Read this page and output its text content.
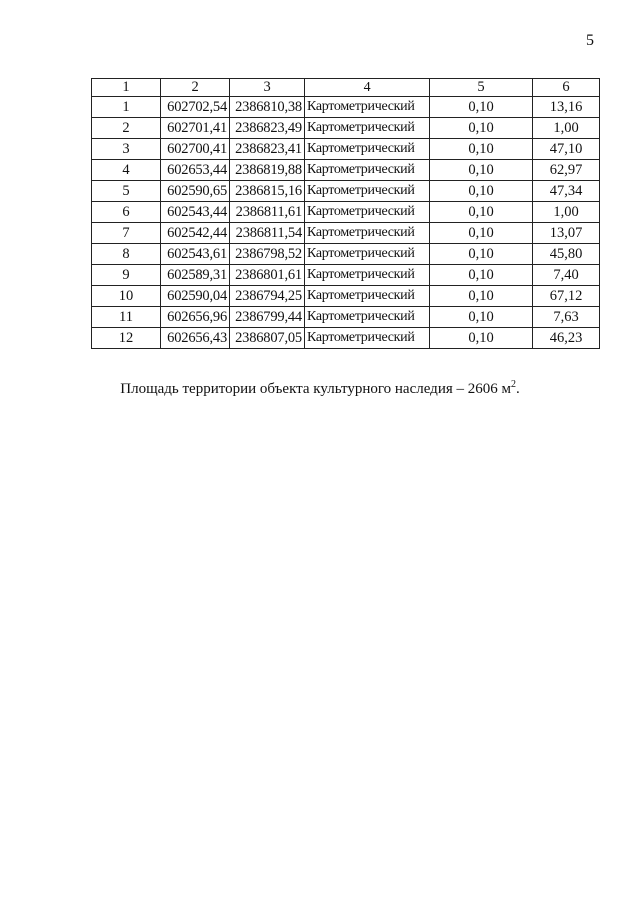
5
1	2	3	4	5	6
1	602702,54	2386810,38	Картометрический	0,10	13,16
2	602701,41	2386823,49	Картометрический	0,10	1,00
3	602700,41	2386823,41	Картометрический	0,10	47,10
4	602653,44	2386819,88	Картометрический	0,10	62,97
5	602590,65	2386815,16	Картометрический	0,10	47,34
6	602543,44	2386811,61	Картометрический	0,10	1,00
7	602542,44	2386811,54	Картометрический	0,10	13,07
8	602543,61	2386798,52	Картометрический	0,10	45,80
9	602589,31	2386801,61	Картометрический	0,10	7,40
10	602590,04	2386794,25	Картометрический	0,10	67,12
11	602656,96	2386799,44	Картометрический	0,10	7,63
12	602656,43	2386807,05	Картометрический	0,10	46,23
Площадь территории объекта культурного наследия – 2606 $м^2$.
